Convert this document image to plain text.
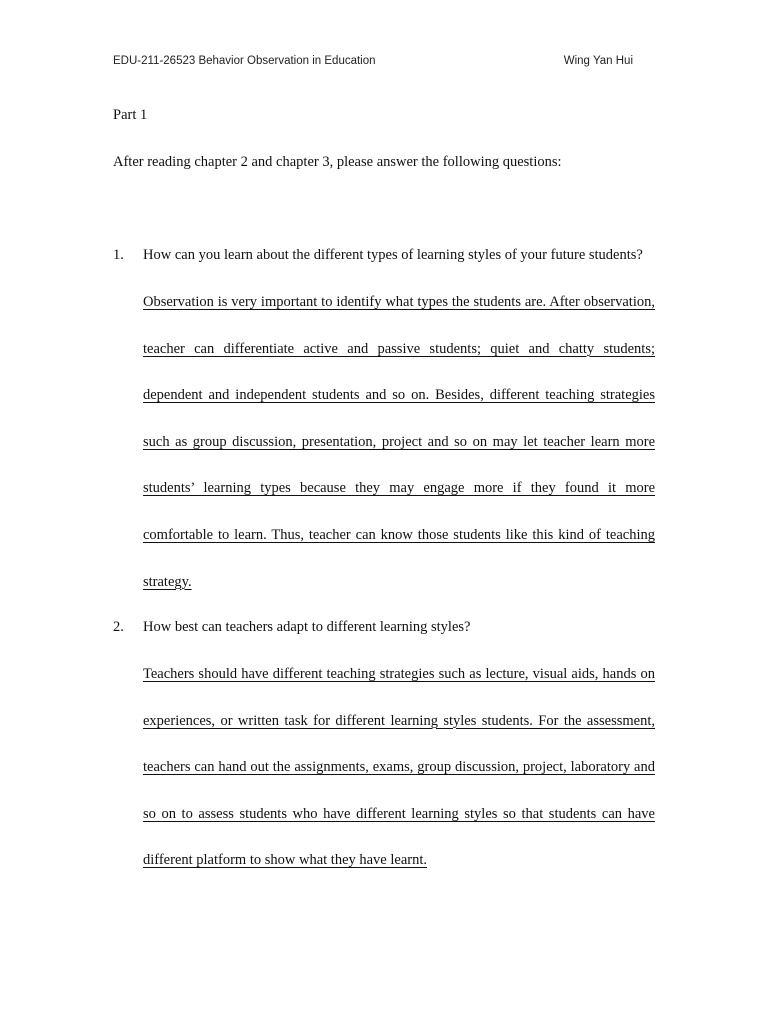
EDU-211-26523 Behavior Observation in Education	Wing Yan Hui
Part 1
After reading chapter 2 and chapter 3, please answer the following questions:
1. How can you learn about the different types of learning styles of your future students?
Observation is very important to identify what types the students are. After observation, teacher can differentiate active and passive students; quiet and chatty students; dependent and independent students and so on. Besides, different teaching strategies such as group discussion, presentation, project and so on may let teacher learn more students’ learning types because they may engage more if they found it more comfortable to learn. Thus, teacher can know those students like this kind of teaching strategy.
2. How best can teachers adapt to different learning styles?
Teachers should have different teaching strategies such as lecture, visual aids, hands on experiences, or written task for different learning styles students. For the assessment, teachers can hand out the assignments, exams, group discussion, project, laboratory and so on to assess students who have different learning styles so that students can have different platform to show what they have learnt.
